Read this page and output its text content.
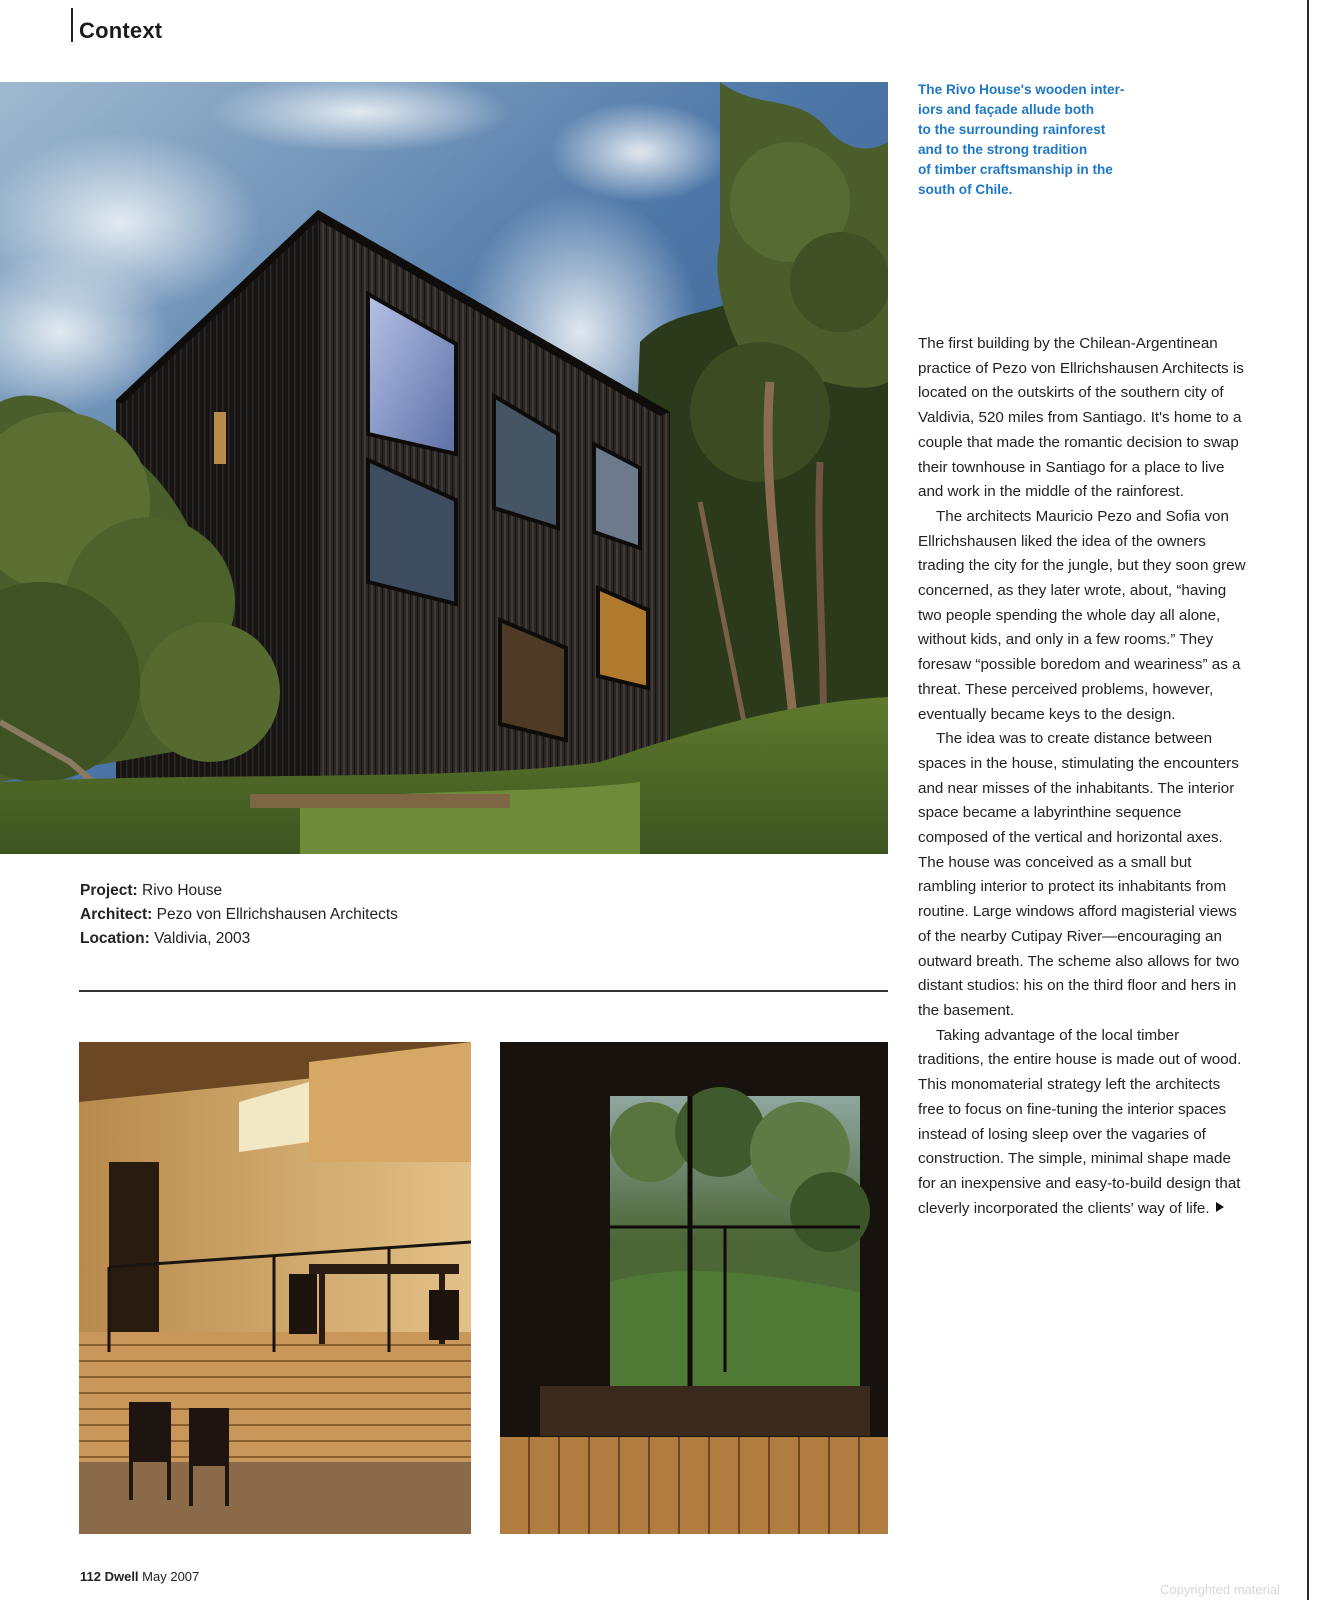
Context

The Rivo House's wooden inter-

iors and façade allude both

to the surrounding rainforest

and to the strong tradition

of timber craftsmanship in the

south of Chile.

The first building by the Chilean-Argentinean practice of Pezo von Ellrichshausen Architects is located on the outskirts of the southern city of Valdivia, 520 miles from Santiago. It's home to a couple that made the romantic decision to swap their townhouse in Santiago for a place to live and work in the middle of the rainforest.

The architects Mauricio Pezo and Sofia von Ellrichshausen liked the idea of the owners trading the city for the jungle, but they soon grew concerned, as they later wrote, about, “having two people spending the whole day all alone, without kids, and only in a few rooms.” They foresaw “possible boredom and weariness” as a threat. These perceived problems, however, eventually became keys to the design.

The idea was to create distance between spaces in the house, stimulating the encounters and near misses of the inhabitants. The interior space became a labyrinthine sequence composed of the vertical and horizontal axes. The house was conceived as a small but rambling interior to protect its inhabitants from routine. Large windows afford magisterial views of the nearby Cutipay River—encouraging an outward breath. The scheme also allows for two distant studios: his on the third floor and hers in the basement.

Taking advantage of the local timber traditions, the entire house is made out of wood. This monomaterial strategy left the architects free to focus on fine-tuning the interior spaces instead of losing sleep over the vagaries of construction. The simple, minimal shape made for an inexpensive and easy-to-build design that cleverly incorporated the clients' way of life.

Project: Rivo House
Architect: Pezo von Ellrichshausen Architects
Location: Valdivia, 2003
112 Dwell May 2007
Copyrighted material
